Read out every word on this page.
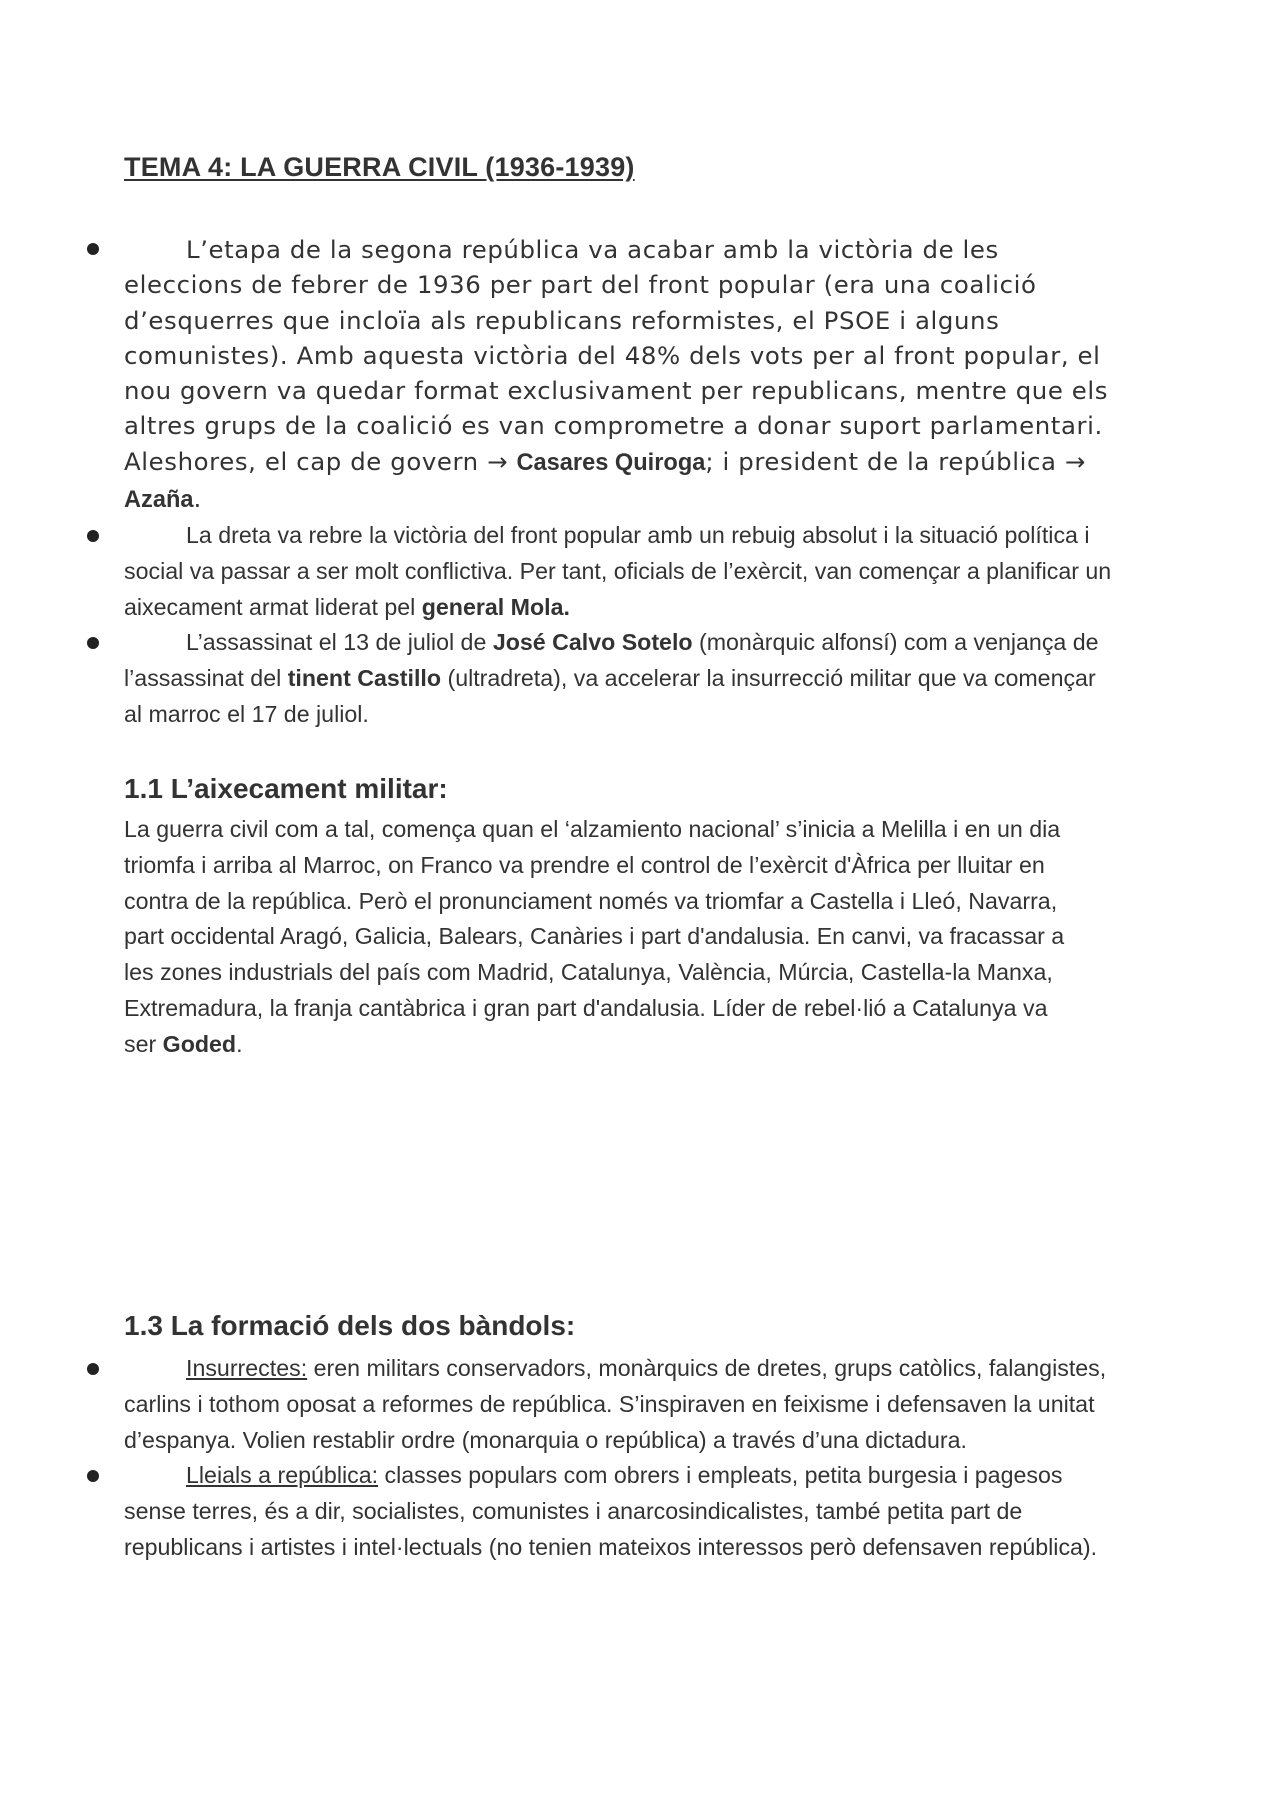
TEMA 4: LA GUERRA CIVIL (1936-1939)
L’etapa de la segona república va acabar amb la victòria de les eleccions de febrer de 1936 per part del front popular (era una coalició d’esquerres que incloïa als republicans reformistes, el PSOE i alguns comunistes). Amb aquesta victòria del 48% dels vots per al front popular, el nou govern va quedar format exclusivament per republicans, mentre que els altres grups de la coalició es van comprometre a donar suport parlamentari. Aleshores, el cap de govern → Casares Quiroga; i president de la república → Azaña.
La dreta va rebre la victòria del front popular amb un rebuig absolut i la situació política i social va passar a ser molt conflictiva. Per tant, oficials de l’exèrcit, van començar a planificar un aixecament armat liderat pel general Mola.
L’assassinat el 13 de juliol de José Calvo Sotelo (monàrquic alfonsí) com a venjança de l’assassinat del tinent Castillo (ultradreta), va accelerar la insurrecció militar que va començar al marroc el 17 de juliol.
1.1 L’aixecament militar:
La guerra civil com a tal, comença quan el ‘alzamiento nacional’ s’inicia a Melilla i en un dia
triomfa i arriba al Marroc, on Franco va prendre el control de l’exèrcit d'Àfrica per lluitar en
contra de la república. Però el pronunciament només va triomfar a Castella i Lleó, Navarra,
part occidental Aragó, Galicia, Balears, Canàries i part d'andalusia. En canvi, va fracassar a
les zones industrials del país com Madrid, Catalunya, València, Múrcia, Castella-la Manxa,
Extremadura, la franja cantàbrica i gran part d'andalusia. Líder de rebel·lió a Catalunya va
ser Goded.
1.3 La formació dels dos bàndols:
Insurrectes: eren militars conservadors, monàrquics de dretes, grups catòlics, falangistes, carlins i tothom oposat a reformes de república. S’inspiraven en feixisme i defensaven la unitat d’espanya. Volien restablir ordre (monarquia o república) a través d’una dictadura.
Lleials a república: classes populars com obrers i empleats, petita burgesia i pagesos sense terres, és a dir, socialistes, comunistes i anarcosindicalistes, també petita part de republicans i artistes i intel·lectuals (no tenien mateixos interessos però defensaven república).
